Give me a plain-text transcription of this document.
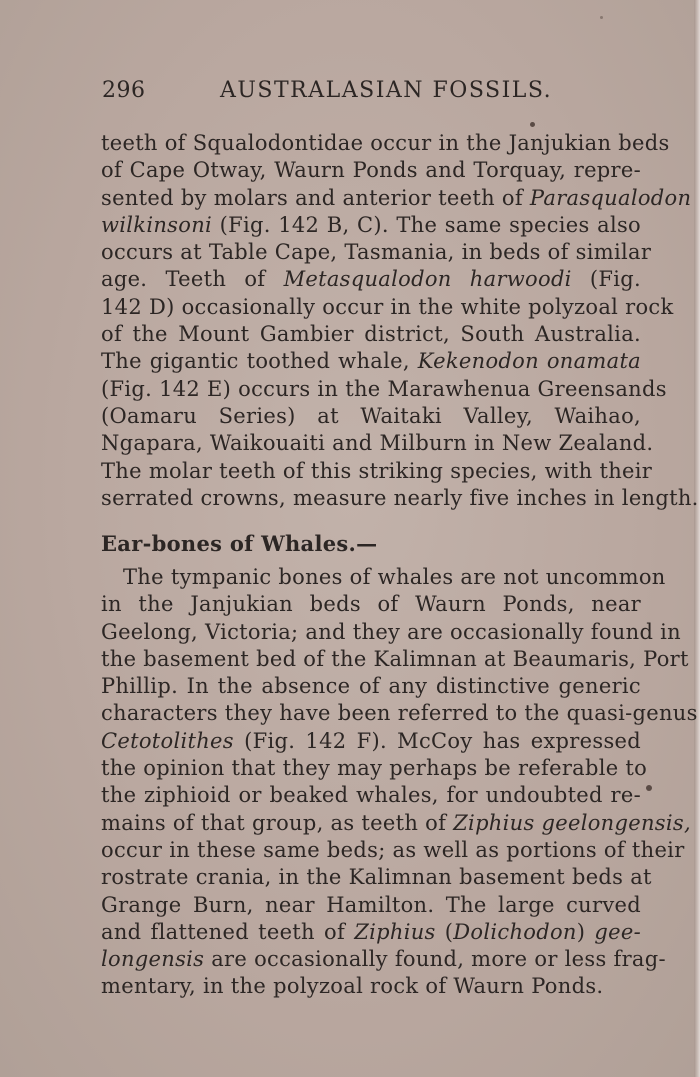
296	AUSTRALASIAN FOSSILS.
teeth of Squalodontidae occur in the Janjukian beds
of Cape Otway, Waurn Ponds and Torquay, repre-
sented by molars and anterior teeth of Parasqualodon
wilkinsoni (Fig. 142 B, C). The same species also
occurs at Table Cape, Tasmania, in beds of similar
age. Teeth of Metasqualodon harwoodi (Fig.
142 D) occasionally occur in the white polyzoal rock
of the Mount Gambier district, South Australia.
The gigantic toothed whale, Kekenodon onamata
(Fig. 142 E) occurs in the Marawhenua Greensands
(Oamaru Series) at Waitaki Valley, Waihao,
Ngapara, Waikouaiti and Milburn in New Zealand.
The molar teeth of this striking species, with their
serrated crowns, measure nearly five inches in length.
Ear-bones of Whales.—
The tympanic bones of whales are not uncommon
in the Janjukian beds of Waurn Ponds, near
Geelong, Victoria; and they are occasionally found in
the basement bed of the Kalimnan at Beaumaris, Port
Phillip. In the absence of any distinctive generic
characters they have been referred to the quasi-genus
Cetotolithes (Fig. 142 F). McCoy has expressed
the opinion that they may perhaps be referable to
the ziphioid or beaked whales, for undoubted re-
mains of that group, as teeth of Ziphius geelongensis,
occur in these same beds; as well as portions of their
rostrate crania, in the Kalimnan basement beds at
Grange Burn, near Hamilton. The large curved
and flattened teeth of Ziphius (Dolichodon) gee-
longensis are occasionally found, more or less frag-
mentary, in the polyzoal rock of Waurn Ponds.
